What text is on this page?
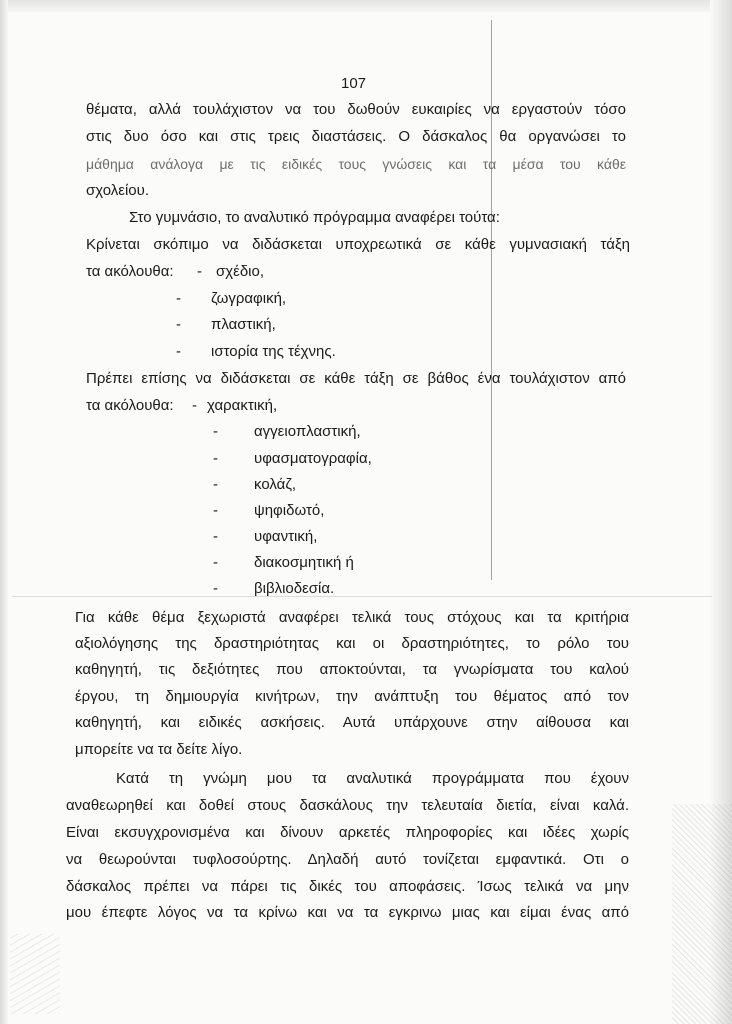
107
θέματα, αλλά τουλάχιστον να του δωθούν ευκαιρίες να εργαστούν τόσο
στις δυο όσο και στις τρεις διαστάσεις. Ο δάσκαλος θα οργανώσει το
μάθημα ανάλογα με τις ειδικές τους γνώσεις και τα μέσα του κάθε
σχολείου.
Στο γυμνάσιο, το αναλυτικό πρόγραμμα αναφέρει τούτα:
Κρίνεται σκόπιμο να διδάσκεται υποχρεωτικά σε κάθε γυμνασιακή τάξη
τα ακόλουθα: - σχέδιο,
- ζωγραφική,
- πλαστική,
- ιστορία της τέχνης.
Πρέπει επίσης να διδάσκεται σε κάθε τάξη σε βάθος ένα τουλάχιστον από
τα ακόλουθα: - χαρακτική,
- αγγειοπλαστική,
- υφασματογραφία,
- κολάζ,
- ψηφιδωτό,
- υφαντική,
- διακοσμητική ή
- βιβλιοδεσία.
Για κάθε θέμα ξεχωριστά αναφέρει τελικά τους στόχους και τα κριτήρια
αξιολόγησης της δραστηριότητας και οι δραστηριότητες, το ρόλο του
καθηγητή, τις δεξιότητες που αποκτούνται, τα γνωρίσματα του καλού
έργου, τη δημιουργία κινήτρων, την ανάπτυξη του θέματος από τον
καθηγητή, και ειδικές ασκήσεις. Αυτά υπάρχουνε στην αίθουσα και
μπορείτε να τα δείτε λίγο.
Κατά τη γνώμη μου τα αναλυτικά προγράμματα που έχουν
αναθεωρηθεί και δοθεί στους δασκάλους την τελευταία διετία, είναι καλά.
Είναι εκσυγχρονισμένα και δίνουν αρκετές πληροφορίες και ιδέες χωρίς
να θεωρούνται τυφλοσούρτης. Δηλαδή αυτό τονίζεται εμφαντικά. Οτι ο
δάσκαλος πρέπει να πάρει τις δικές του αποφάσεις. Ίσως τελικά να μην
μου έπεφτε λόγος να τα κρίνω και να τα εγκρινω μιας και είμαι ένας από
